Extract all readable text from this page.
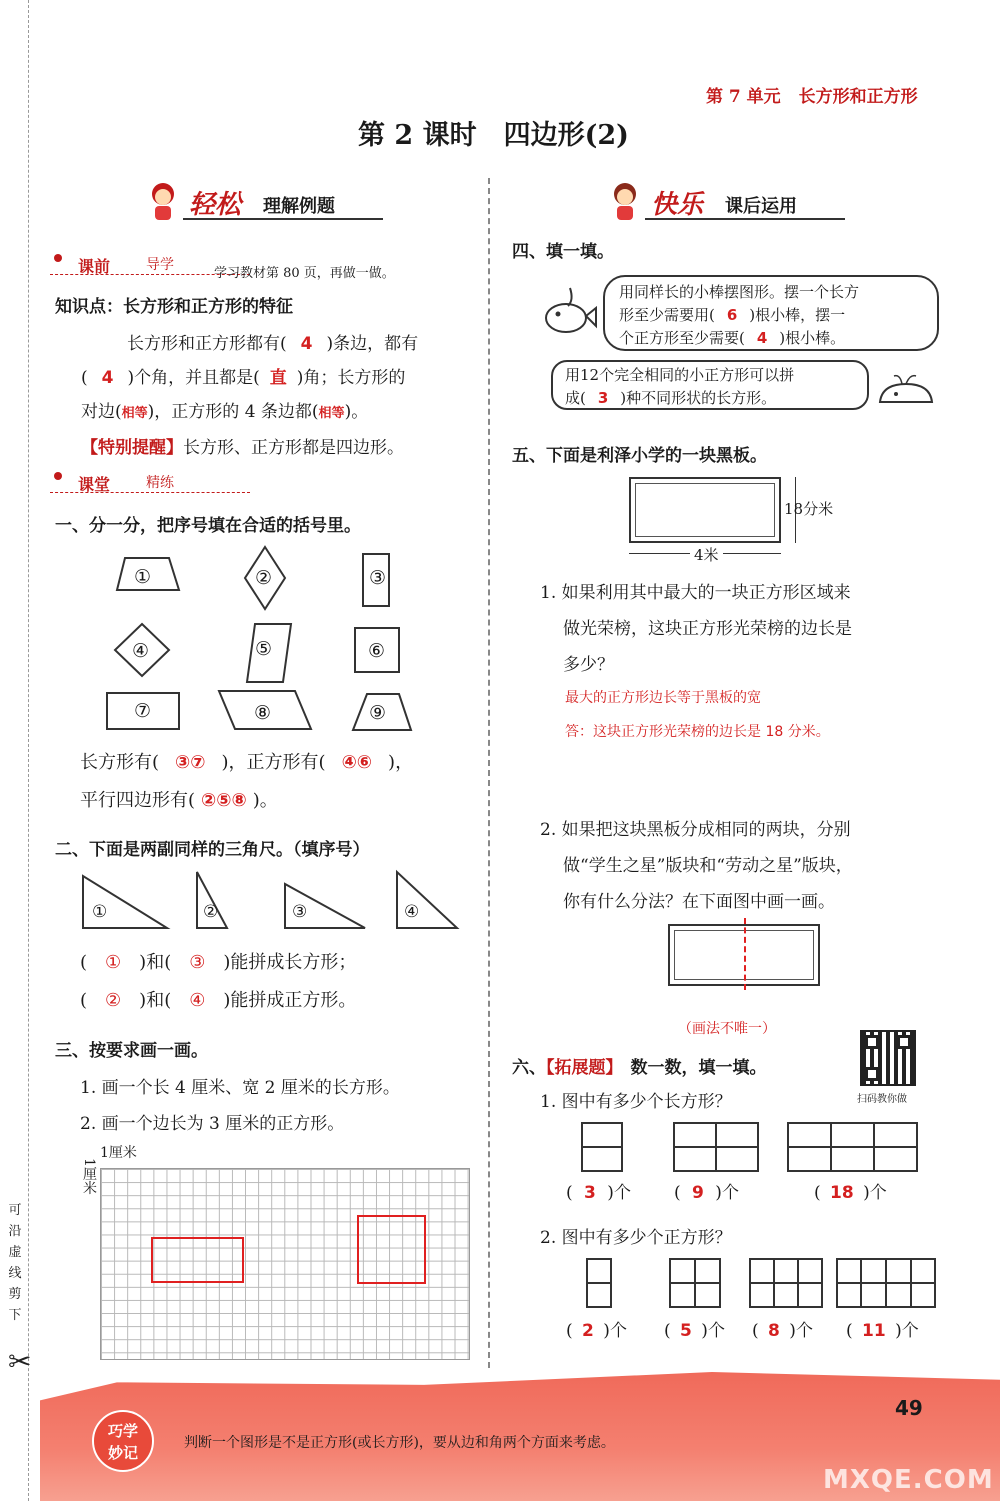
第 7 单元 长方形和正方形
第 2 课时　四边形(2)
可沿虚线剪下
✂
轻松 理解例题
课前	导学
学习教材第 80 页，再做一做。
知识点：长方形和正方形的特征
长方形和正方形都有( 4 )条边，都有
( 4 )个角，并且都是( 直 )角；长方形的
对边(相等)，正方形的 4 条边都(相等)。
【特别提醒】长方形、正方形都是四边形。
课堂	精练
一、分一分，把序号填在合适的括号里。
①	②	③
④	⑤	⑥
⑦	⑧	⑨
长方形有( ③⑦ )，正方形有( ④⑥ )，
平行四边形有( ②⑤⑧ )。
二、下面是两副同样的三角尺。（填序号）
①	②	③	④
( ① )和( ③ )能拼成长方形；
( ② )和( ④ )能拼成正方形。
三、按要求画一画。
1. 画一个长 4 厘米、宽 2 厘米的长方形。
2. 画一个边长为 3 厘米的正方形。
1厘米
1厘米
快乐 课后运用
四、填一填。
用同样长的小棒摆图形。摆一个长方
形至少需要用( 6 )根小棒，摆一
个正方形至少需要( 4 )根小棒。
用12个完全相同的小正方形可以拼
成( 3 )种不同形状的长方形。
五、下面是利泽小学的一块黑板。
18分米
4米
1. 如果利用其中最大的一块正方形区域来
做光荣榜，这块正方形光荣榜的边长是
多少？
最大的正方形边长等于黑板的宽
答：这块正方形光荣榜的边长是 18 分米。
2. 如果把这块黑板分成相同的两块，分别
做“学生之星”版块和“劳动之星”版块，
你有什么分法？在下面图中画一画。
（画法不唯一）
六、【拓展题】 数一数，填一填。
扫码教你做
1. 图中有多少个长方形？
( 3 )个	( 9 )个	( 18 )个
2. 图中有多少个正方形？
( 2 )个 ( 5 )个 ( 8 )个 ( 11 )个
巧学
妙记
判断一个图形是不是正方形(或长方形)，要从边和角两个方面来考虑。
49
MXQE.COM
